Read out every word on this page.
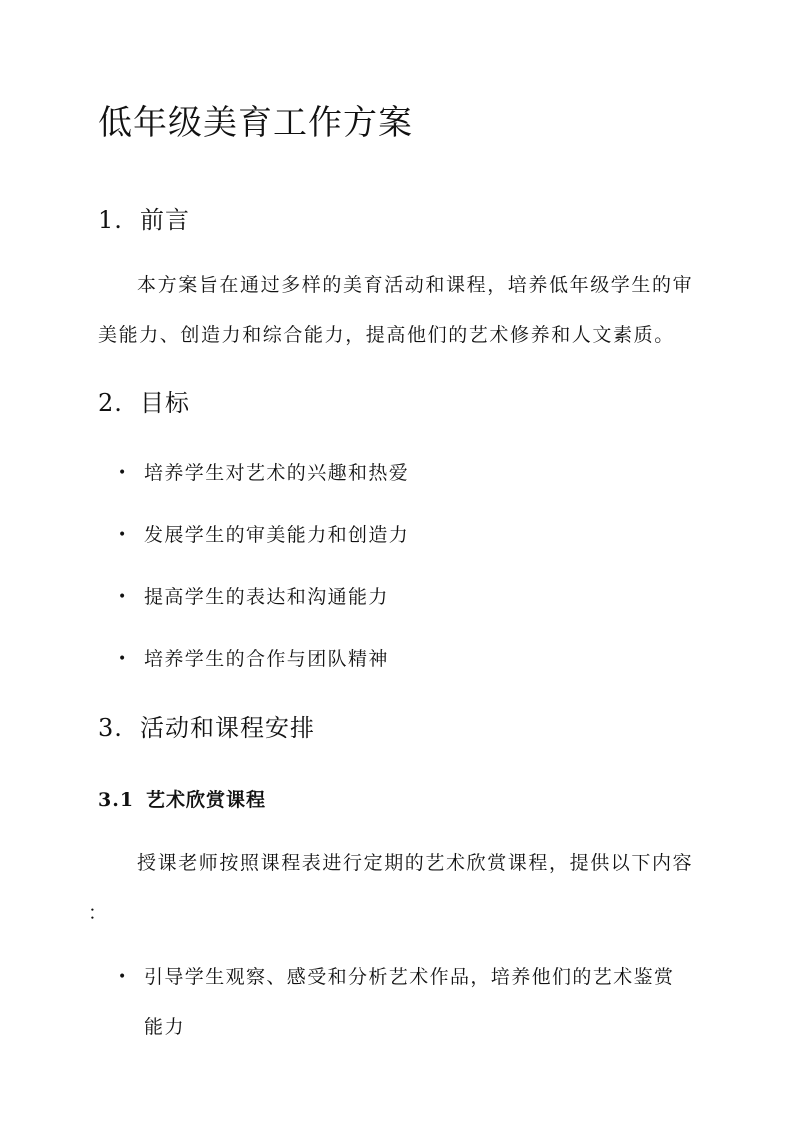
低年级美育工作方案
1. 前言

本方案旨在通过多样的美育活动和课程，培养低年级学生的审

美能力、创造力和综合能力，提高他们的艺术修养和人文素质。

2. 目标
• 培养学生对艺术的兴趣和热爱
• 发展学生的审美能力和创造力
• 提高学生的表达和沟通能力
• 培养学生的合作与团队精神
3. 活动和课程安排
3.1 艺术欣赏课程

授课老师按照课程表进行定期的艺术欣赏课程，提供以下内容

：

• 引导学生观察、感受和分析艺术作品，培养他们的艺术鉴赏
能力
